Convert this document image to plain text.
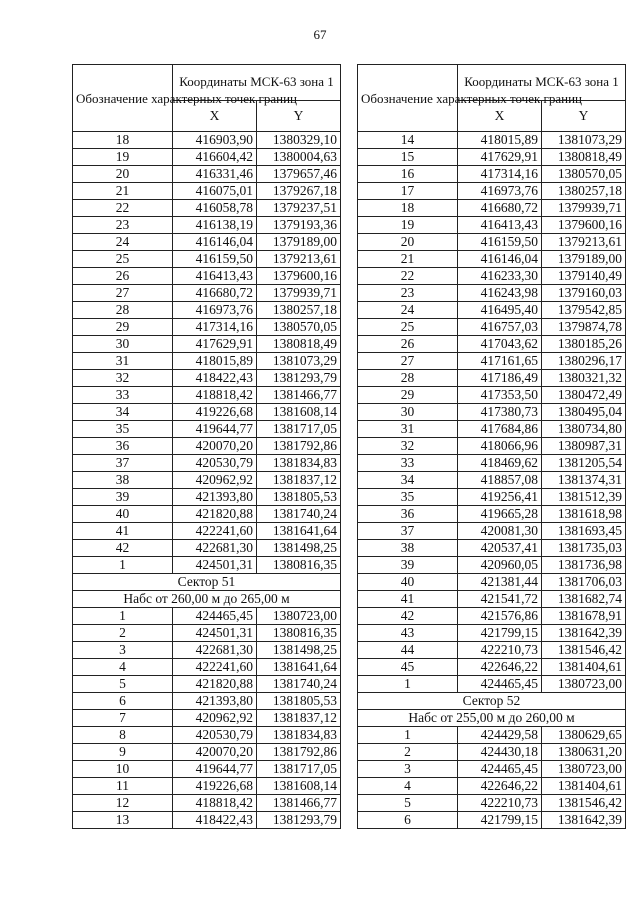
67
Обозначение характерных точек границ	Координаты МСК-63 зона 1	
	X	Y
18	416903,90	1380329,10
19	416604,42	1380004,63
20	416331,46	1379657,46
21	416075,01	1379267,18
22	416058,78	1379237,51
23	416138,19	1379193,36
24	416146,04	1379189,00
25	416159,50	1379213,61
26	416413,43	1379600,16
27	416680,72	1379939,71
28	416973,76	1380257,18
29	417314,16	1380570,05
30	417629,91	1380818,49
31	418015,89	1381073,29
32	418422,43	1381293,79
33	418818,42	1381466,77
34	419226,68	1381608,14
35	419644,77	1381717,05
36	420070,20	1381792,86
37	420530,79	1381834,83
38	420962,92	1381837,12
39	421393,80	1381805,53
40	421820,88	1381740,24
41	422241,60	1381641,64
42	422681,30	1381498,25
1	424501,31	1380816,35
Сектор 51		
Набс от 260,00 м до 265,00 м		
1	424465,45	1380723,00
2	424501,31	1380816,35
3	422681,30	1381498,25
4	422241,60	1381641,64
5	421820,88	1381740,24
6	421393,80	1381805,53
7	420962,92	1381837,12
8	420530,79	1381834,83
9	420070,20	1381792,86
10	419644,77	1381717,05
11	419226,68	1381608,14
12	418818,42	1381466,77
13	418422,43	1381293,79
Обозначение характерных точек границ	Координаты МСК-63 зона 1	
	X	Y
14	418015,89	1381073,29
15	417629,91	1380818,49
16	417314,16	1380570,05
17	416973,76	1380257,18
18	416680,72	1379939,71
19	416413,43	1379600,16
20	416159,50	1379213,61
21	416146,04	1379189,00
22	416233,30	1379140,49
23	416243,98	1379160,03
24	416495,40	1379542,85
25	416757,03	1379874,78
26	417043,62	1380185,26
27	417161,65	1380296,17
28	417186,49	1380321,32
29	417353,50	1380472,49
30	417380,73	1380495,04
31	417684,86	1380734,80
32	418066,96	1380987,31
33	418469,62	1381205,54
34	418857,08	1381374,31
35	419256,41	1381512,39
36	419665,28	1381618,98
37	420081,30	1381693,45
38	420537,41	1381735,03
39	420960,05	1381736,98
40	421381,44	1381706,03
41	421541,72	1381682,74
42	421576,86	1381678,91
43	421799,15	1381642,39
44	422210,73	1381546,42
45	422646,22	1381404,61
1	424465,45	1380723,00
Сектор 52		
Набс от 255,00 м до 260,00 м		
1	424429,58	1380629,65
2	424430,18	1380631,20
3	424465,45	1380723,00
4	422646,22	1381404,61
5	422210,73	1381546,42
6	421799,15	1381642,39
